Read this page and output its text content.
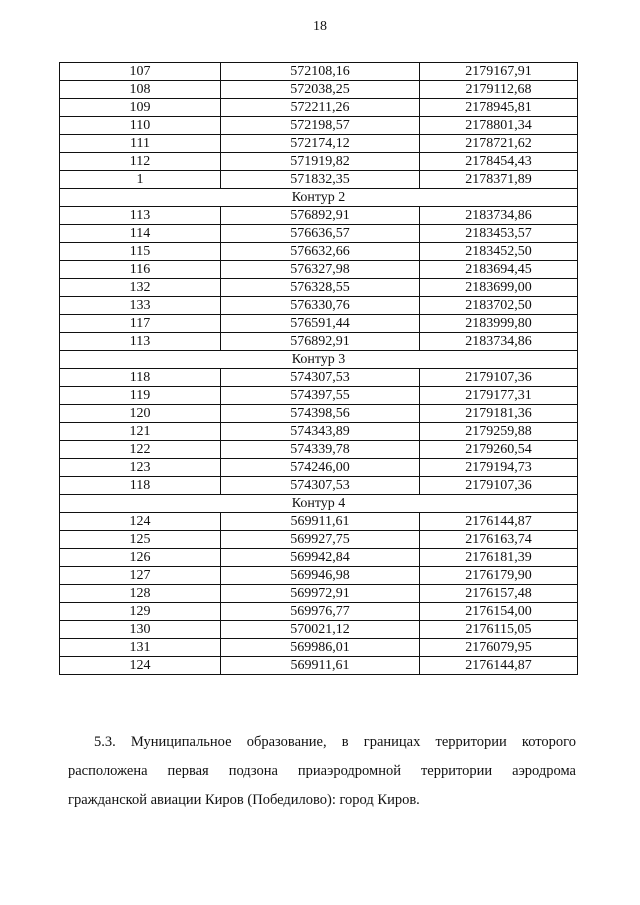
18
107	572108,16	2179167,91
108	572038,25	2179112,68
109	572211,26	2178945,81
110	572198,57	2178801,34
111	572174,12	2178721,62
112	571919,82	2178454,43
1	571832,35	2178371,89
Контур 2		
113	576892,91	2183734,86
114	576636,57	2183453,57
115	576632,66	2183452,50
116	576327,98	2183694,45
132	576328,55	2183699,00
133	576330,76	2183702,50
117	576591,44	2183999,80
113	576892,91	2183734,86
Контур 3		
118	574307,53	2179107,36
119	574397,55	2179177,31
120	574398,56	2179181,36
121	574343,89	2179259,88
122	574339,78	2179260,54
123	574246,00	2179194,73
118	574307,53	2179107,36
Контур 4		
124	569911,61	2176144,87
125	569927,75	2176163,74
126	569942,84	2176181,39
127	569946,98	2176179,90
128	569972,91	2176157,48
129	569976,77	2176154,00
130	570021,12	2176115,05
131	569986,01	2176079,95
124	569911,61	2176144,87
5.3. Муниципальное образование, в границах территории которого расположена первая подзона приаэродромной территории аэродрома гражданской авиации Киров (Победилово): город Киров.
